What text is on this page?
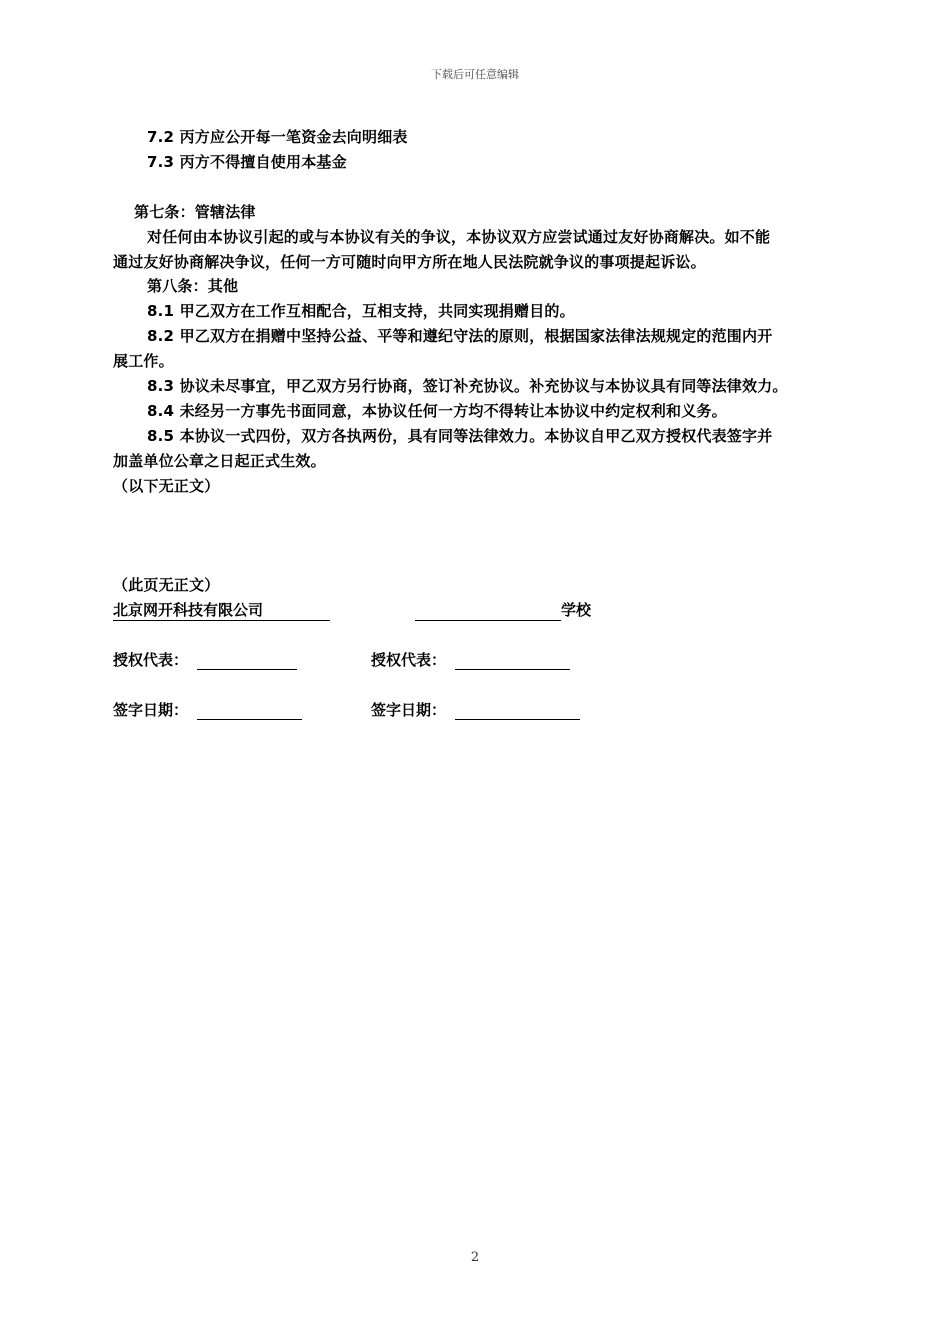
下载后可任意编辑
7.2 丙方应公开每一笔资金去向明细表
7.3 丙方不得擅自使用本基金
第七条：管辖法律
对任何由本协议引起的或与本协议有关的争议，本协议双方应尝试通过友好协商解决。如不能
通过友好协商解决争议，任何一方可随时向甲方所在地人民法院就争议的事项提起诉讼。
第八条：其他
8.1 甲乙双方在工作互相配合，互相支持，共同实现捐赠目的。
8.2 甲乙双方在捐赠中坚持公益、平等和遵纪守法的原则，根据国家法律法规规定的范围内开
展工作。
8.3 协议未尽事宜，甲乙双方另行协商，签订补充协议。补充协议与本协议具有同等法律效力。
8.4 未经另一方事先书面同意，本协议任何一方均不得转让本协议中约定权利和义务。
8.5 本协议一式四份，双方各执两份，具有同等法律效力。本协议自甲乙双方授权代表签字并
加盖单位公章之日起正式生效。
（以下无正文）
（此页无正文）
北京网开科技有限公司	学校
授权代表：	授权代表：
签字日期：	签字日期：
2
